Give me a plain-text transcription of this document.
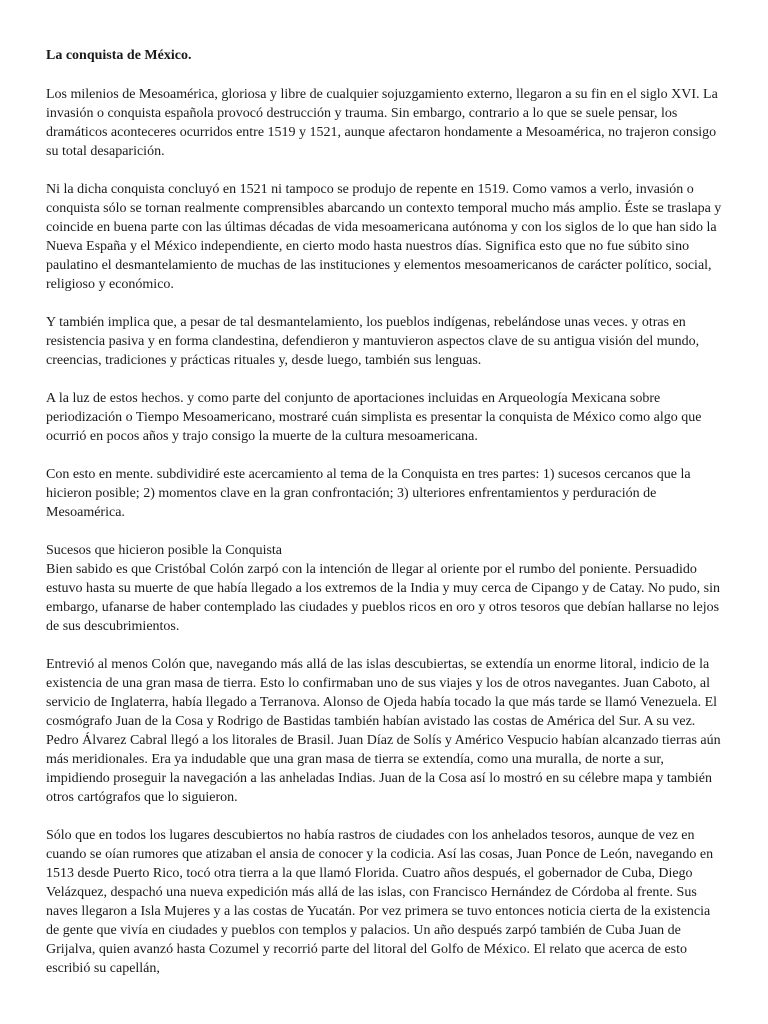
La conquista de México.

Los milenios de Mesoamérica, gloriosa y libre de cualquier sojuzgamiento externo, llegaron a su fin en el siglo XVI. La invasión o conquista española provocó destrucción y trauma. Sin embargo, contrario a lo que se suele pensar, los dramáticos aconteceres ocurridos entre 1519 y 1521, aunque afectaron hondamente a Mesoamérica, no trajeron consigo su total desaparición.

Ni la dicha conquista concluyó en 1521 ni tampoco se produjo de repente en 1519. Como vamos a verlo, invasión o conquista sólo se tornan realmente comprensibles abarcando un contexto temporal mucho más amplio. Éste se traslapa y coincide en buena parte con las últimas décadas de vida mesoamericana autónoma y con los siglos de lo que han sido la Nueva España y el México independiente, en cierto modo hasta nuestros días. Significa esto que no fue súbito sino paulatino el desmantelamiento de muchas de las instituciones y elementos mesoamericanos de carácter político, social, religioso y económico.

Y también implica que, a pesar de tal desmantelamiento, los pueblos indígenas, rebelándose unas veces. y otras en resistencia pasiva y en forma clandestina, defendieron y mantuvieron aspectos clave de su antigua visión del mundo, creencias, tradiciones y prácticas rituales y, desde luego, también sus lenguas.

A la luz de estos hechos. y como parte del conjunto de aportaciones incluidas en Arqueología Mexicana sobre periodización o Tiempo Mesoamericano, mostraré cuán simplista es presentar la conquista de México como algo que ocurrió en pocos años y trajo consigo la muerte de la cultura mesoamericana.

Con esto en mente. subdividiré este acercamiento al tema de la Conquista en tres partes: 1) sucesos cercanos que la hicieron posible; 2) momentos clave en la gran confrontación; 3) ulteriores enfrentamientos y perduración de Mesoamérica.

Sucesos que hicieron posible la Conquista

Bien sabido es que Cristóbal Colón zarpó con la intención de llegar al oriente por el rumbo del poniente. Persuadido estuvo hasta su muerte de que había llegado a los extremos de la India y muy cerca de Cipango y de Catay. No pudo, sin embargo, ufanarse de haber contemplado las ciudades y pueblos ricos en oro y otros tesoros que debían hallarse no lejos de sus descubrimientos.

Entrevió al menos Colón que, navegando más allá de las islas descubiertas, se extendía un enorme litoral, indicio de la existencia de una gran masa de tierra. Esto lo confirmaban uno de sus viajes y los de otros navegantes. Juan Caboto, al servicio de Inglaterra, había llegado a Terranova. Alonso de Ojeda había tocado la que más tarde se llamó Venezuela. El cosmógrafo Juan de la Cosa y Rodrigo de Bastidas también habían avistado las costas de América del Sur. A su vez. Pedro Álvarez Cabral llegó a los litorales de Brasil. Juan Díaz de Solís y Américo Vespucio habían alcanzado tierras aún más meridionales. Era ya indudable que una gran masa de tierra se extendía, como una muralla, de norte a sur, impidiendo proseguir la navegación a las anheladas Indias. Juan de la Cosa así lo mostró en su célebre mapa y también otros cartógrafos que lo siguieron.

Sólo que en todos los lugares descubiertos no había rastros de ciudades con los anhelados tesoros, aunque de vez en cuando se oían rumores que atizaban el ansia de conocer y la codicia. Así las cosas, Juan Ponce de León, navegando en 1513 desde Puerto Rico, tocó otra tierra a la que llamó Florida. Cuatro años después, el gobernador de Cuba, Diego Velázquez, despachó una nueva expedición más allá de las islas, con Francisco Hernández de Córdoba al frente. Sus naves llegaron a Isla Mujeres y a las costas de Yucatán. Por vez primera se tuvo entonces noticia cierta de la existencia de gente que vivía en ciudades y pueblos con templos y palacios. Un año después zarpó también de Cuba Juan de Grijalva, quien avanzó hasta Cozumel y recorrió parte del litoral del Golfo de México. El relato que acerca de esto escribió su capellán,
